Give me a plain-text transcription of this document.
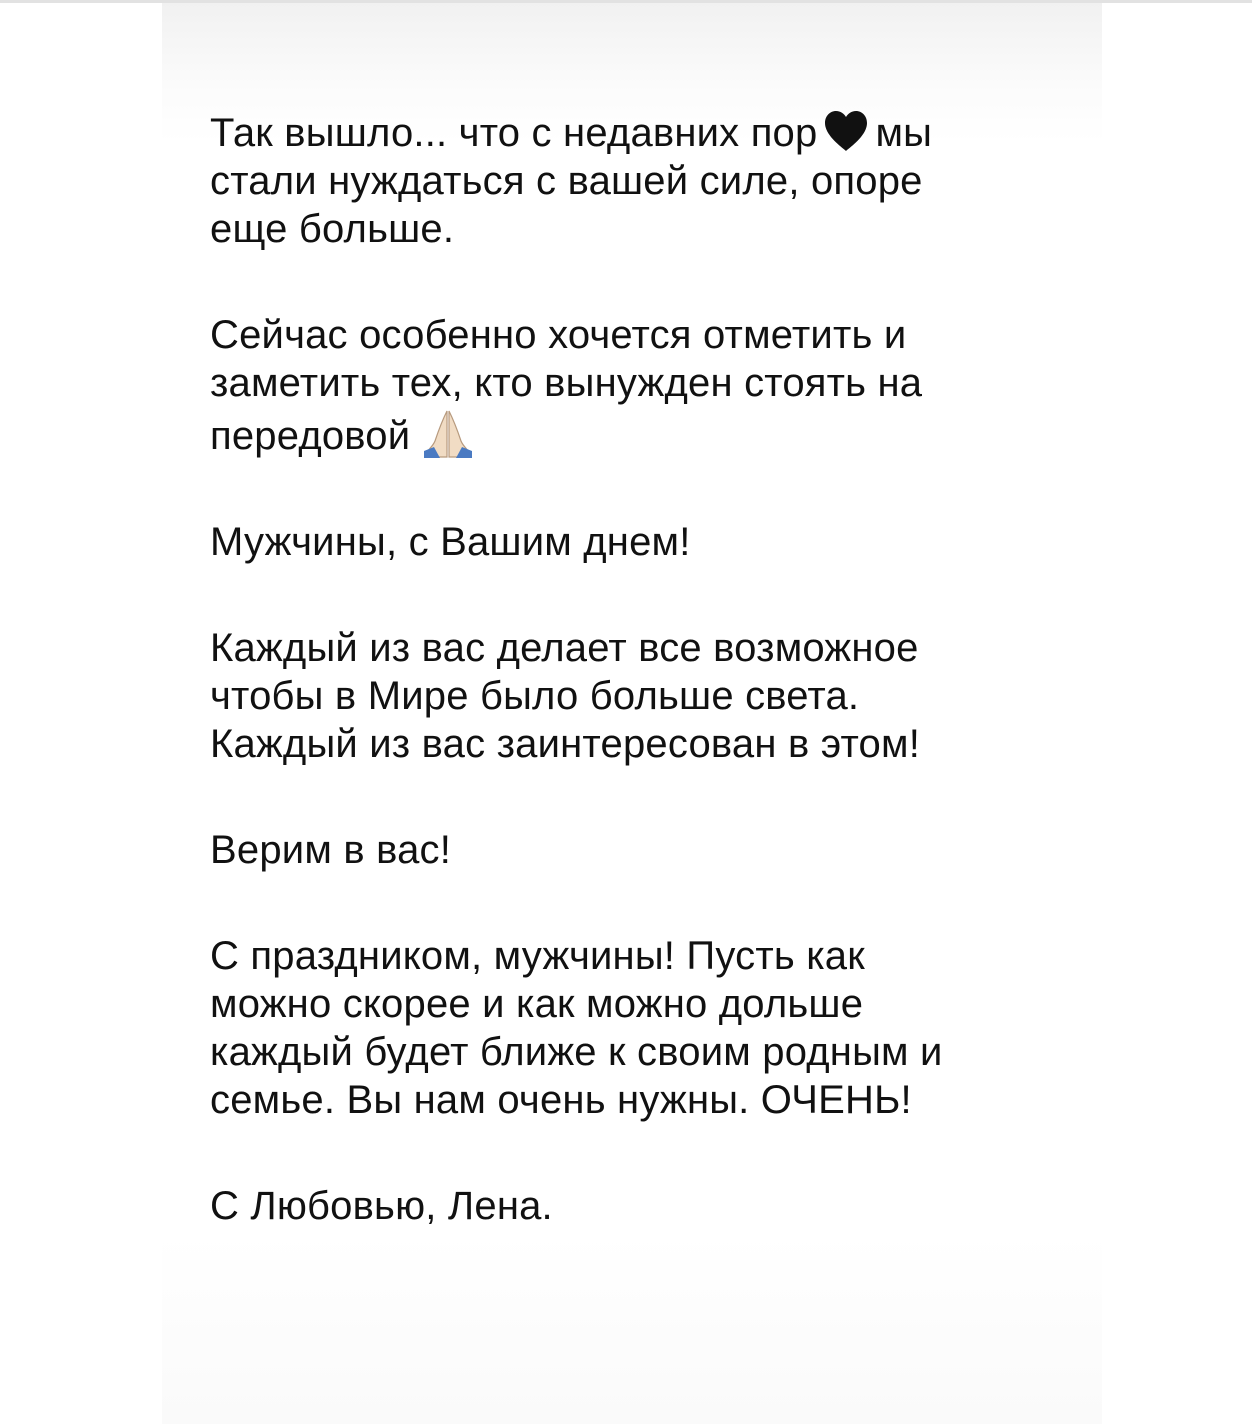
Так вышло... что с недавних пор мы
стали нуждаться с вашей силе, опоре
еще больше.

Сейчас особенно хочется отметить и
заметить тех, кто вынужден стоять на
передовой

Мужчины, с Вашим днем!

Каждый из вас делает все возможное
чтобы в Мире было больше света.
Каждый из вас заинтересован в этом!

Верим в вас!

С праздником, мужчины! Пусть как
можно скорее и как можно дольше
каждый будет ближе к своим родным и
семье. Вы нам очень нужны. ОЧЕНЬ!

С Любовью, Лена.
